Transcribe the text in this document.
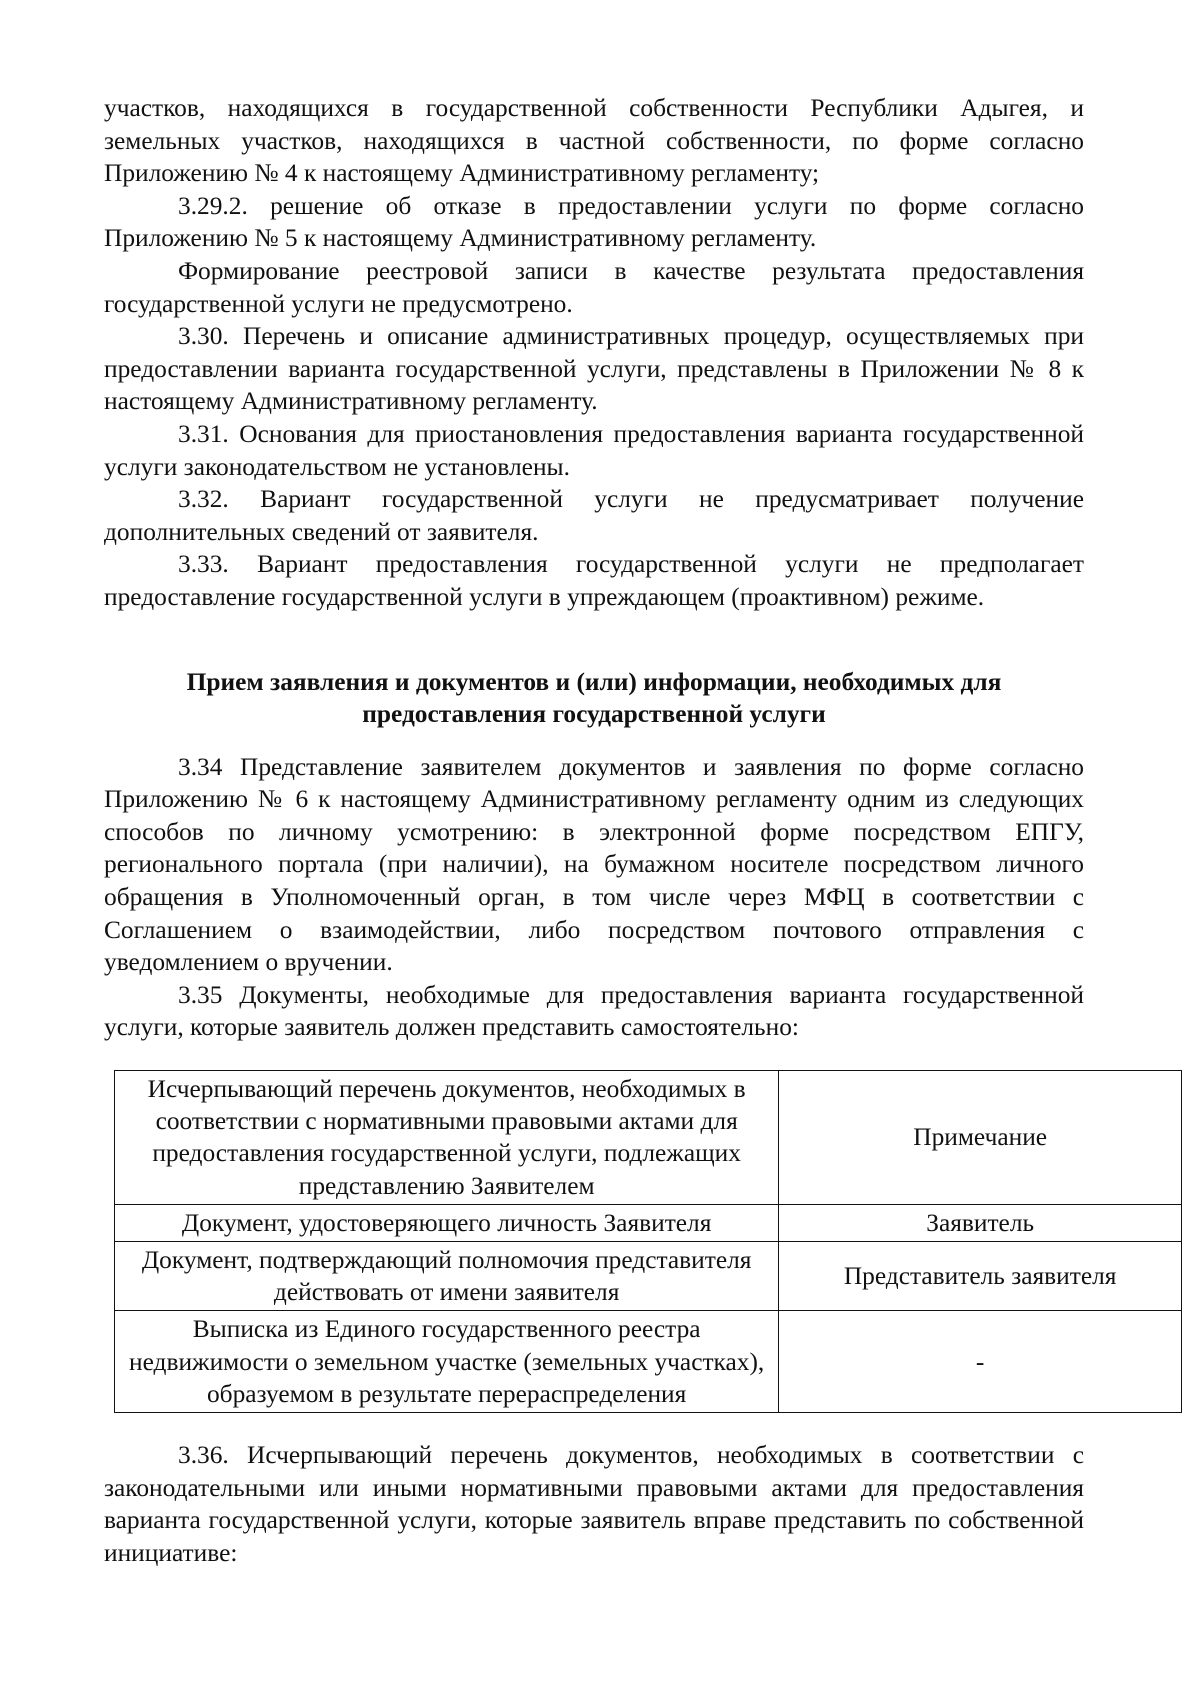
участков, находящихся в государственной собственности Республики Адыгея, и земельных участков, находящихся в частной собственности, по форме согласно Приложению № 4 к настоящему Административному регламенту;

3.29.2. решение об отказе в предоставлении услуги по форме согласно Приложению № 5 к настоящему Административному регламенту.

Формирование реестровой записи в качестве результата предоставления государственной услуги не предусмотрено.

3.30. Перечень и описание административных процедур, осуществляемых при предоставлении варианта государственной услуги, представлены в Приложении № 8 к настоящему Административному регламенту.

3.31. Основания для приостановления предоставления варианта государственной услуги законодательством не установлены.

3.32. Вариант государственной услуги не предусматривает получение дополнительных сведений от заявителя.

3.33. Вариант предоставления государственной услуги не предполагает предоставление государственной услуги в упреждающем (проактивном) режиме.

Прием заявления и документов и (или) информации, необходимых для

предоставления государственной услуги

3.34 Представление заявителем документов и заявления по форме согласно Приложению № 6 к настоящему Административному регламенту одним из следующих способов по личному усмотрению: в электронной форме посредством ЕПГУ, регионального портала (при наличии), на бумажном носителе посредством личного обращения в Уполномоченный орган, в том числе через МФЦ в соответствии с Соглашением о взаимодействии, либо посредством почтового отправления с уведомлением о вручении.

3.35 Документы, необходимые для предоставления варианта государственной услуги, которые заявитель должен представить самостоятельно:

Исчерпывающий перечень документов, необходимых в соответствии с нормативными правовыми актами для предоставления государственной услуги, подлежащих представлению Заявителем	Примечание
Документ, удостоверяющего личность Заявителя	Заявитель
Документ, подтверждающий полномочия представителя действовать от имени заявителя	Представитель заявителя
Выписка из Единого государственного реестра недвижимости о земельном участке (земельных участках), образуемом в результате перераспределения	-

3.36. Исчерпывающий перечень документов, необходимых в соответствии с законодательными или иными нормативными правовыми актами для предоставления варианта государственной услуги, которые заявитель вправе представить по собственной инициативе:
